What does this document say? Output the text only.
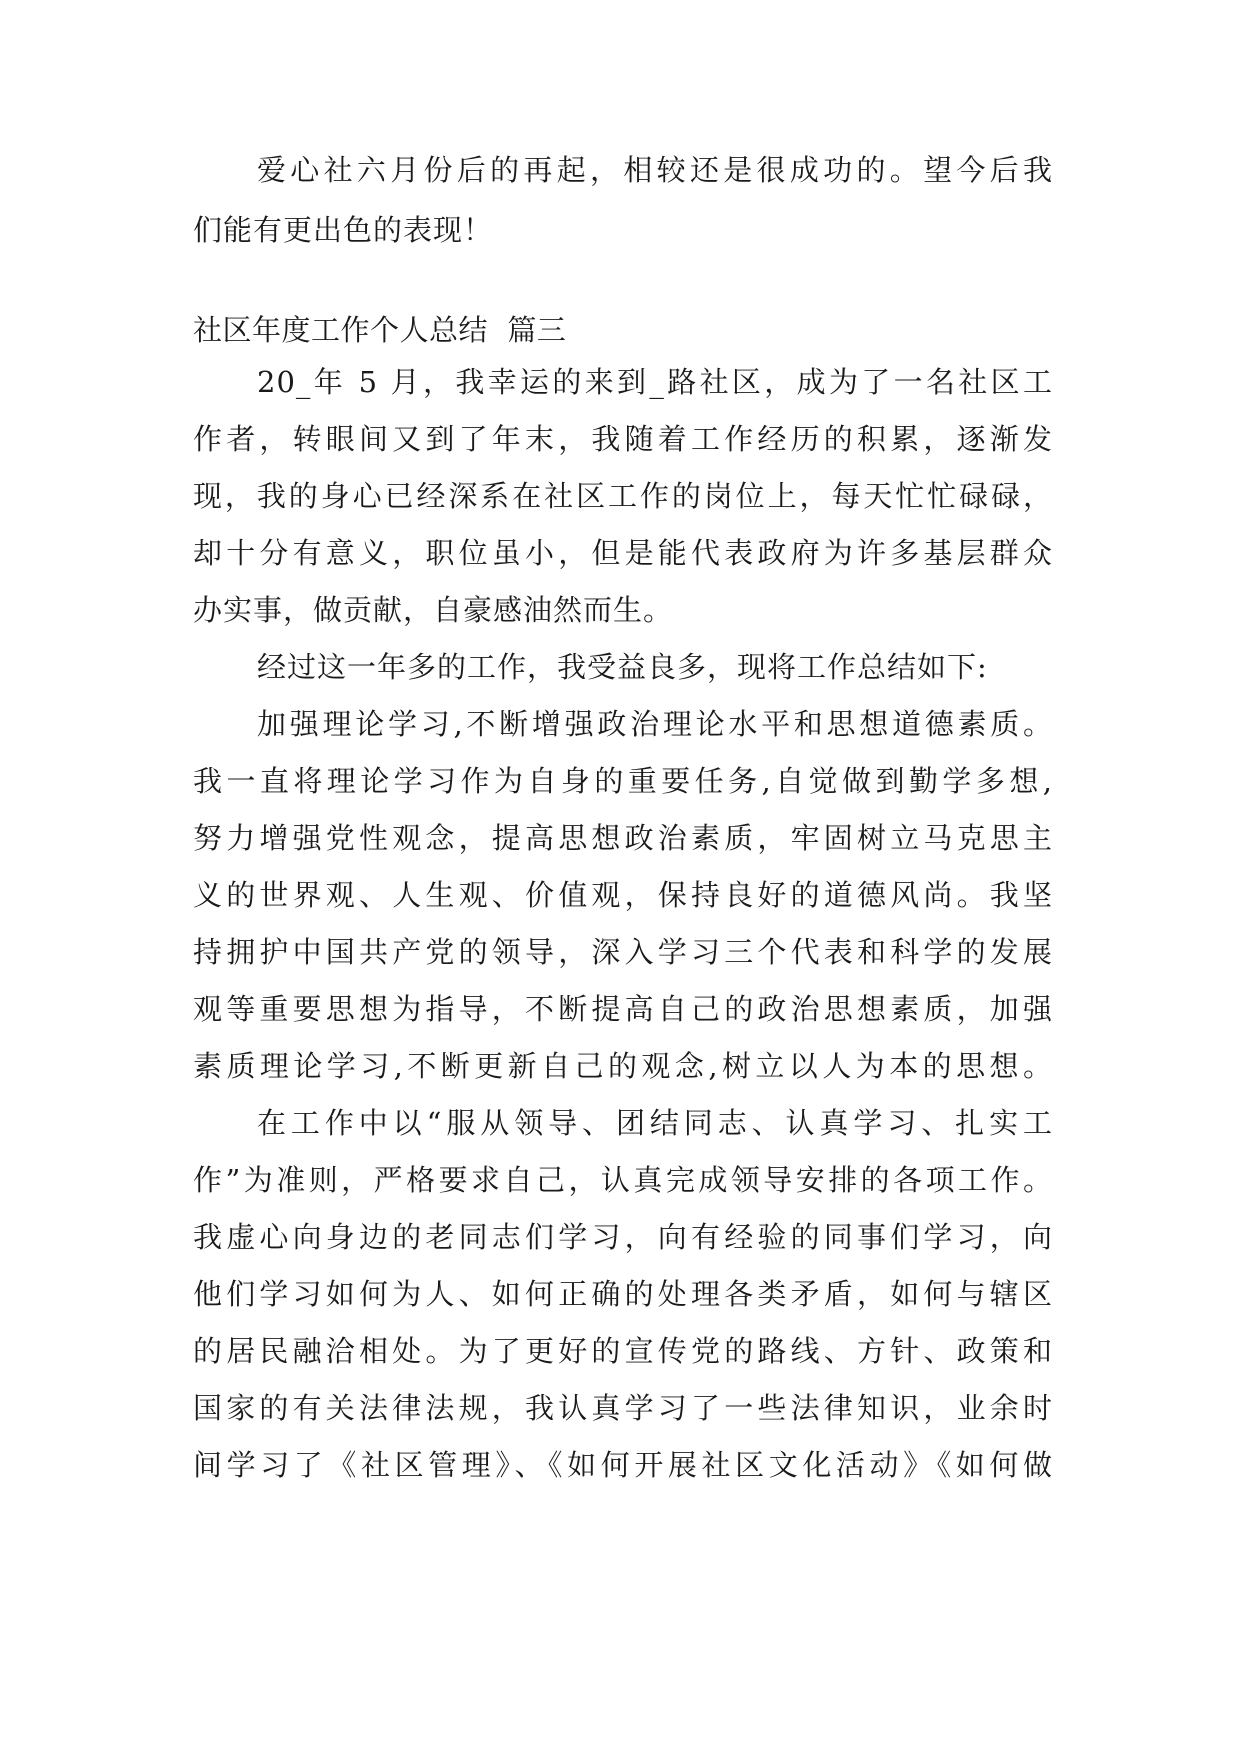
爱心社六月份后的再起，相较还是很成功的。望今后我
们能有更出色的表现！
社区年度工作个人总结  篇三
20_年 5 月，我幸运的来到_路社区，成为了一名社区工
作者，转眼间又到了年末，我随着工作经历的积累，逐渐发
现，我的身心已经深系在社区工作的岗位上，每天忙忙碌碌，
却十分有意义，职位虽小，但是能代表政府为许多基层群众
办实事，做贡献，自豪感油然而生。
经过这一年多的工作，我受益良多，现将工作总结如下:
加强理论学习,不断增强政治理论水平和思想道德素质。
我一直将理论学习作为自身的重要任务,自觉做到勤学多想,
努力增强党性观念，提高思想政治素质，牢固树立马克思主
义的世界观、人生观、价值观，保持良好的道德风尚。我坚
持拥护中国共产党的领导，深入学习三个代表和科学的发展
观等重要思想为指导，不断提高自己的政治思想素质，加强
素质理论学习,不断更新自己的观念,树立以人为本的思想。
在工作中以“服从领导、团结同志、认真学习、扎实工
作”为准则，严格要求自己，认真完成领导安排的各项工作。
我虚心向身边的老同志们学习，向有经验的同事们学习，向
他们学习如何为人、如何正确的处理各类矛盾，如何与辖区
的居民融洽相处。为了更好的宣传党的路线、方针、政策和
国家的有关法律法规，我认真学习了一些法律知识，业余时
间学习了《社区管理》、《如何开展社区文化活动》《如何做
